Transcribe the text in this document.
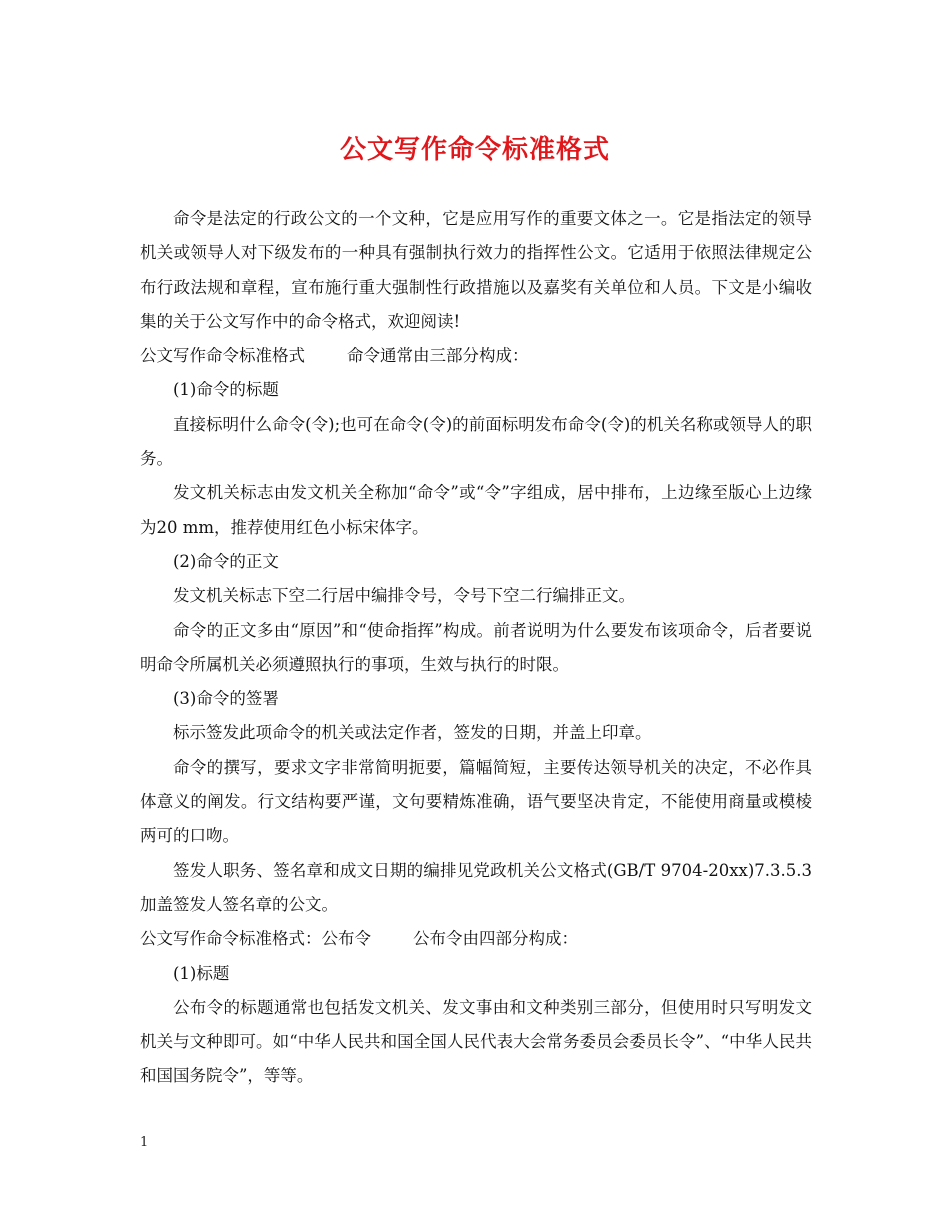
公文写作命令标准格式

命令是法定的行政公文的一个文种，它是应用写作的重要文体之一。它是指法定的领导机关或领导人对下级发布的一种具有强制执行效力的指挥性公文。它适用于依照法律规定公布行政法规和章程，宣布施行重大强制性行政措施以及嘉奖有关单位和人员。下文是小编收集的关于公文写作中的命令格式，欢迎阅读!

公文写作命令标准格式	命令通常由三部分构成：

(1)命令的标题

直接标明什么命令(令);也可在命令(令)的前面标明发布命令(令)的机关名称或领导人的职务。

发文机关标志由发文机关全称加“命令”或“令”字组成，居中排布，上边缘至版心上边缘为20 mm，推荐使用红色小标宋体字。

(2)命令的正文

发文机关标志下空二行居中编排令号，令号下空二行编排正文。

命令的正文多由“原因”和“使命指挥”构成。前者说明为什么要发布该项命令，后者要说明命令所属机关必须遵照执行的事项，生效与执行的时限。

(3)命令的签署

标示签发此项命令的机关或法定作者，签发的日期，并盖上印章。

命令的撰写，要求文字非常简明扼要，篇幅简短，主要传达领导机关的决定，不必作具体意义的阐发。行文结构要严谨，文句要精炼准确，语气要坚决肯定，不能使用商量或模棱两可的口吻。

签发人职务、签名章和成文日期的编排见党政机关公文格式(GB/T 9704-20xx)7.3.5.3加盖签发人签名章的公文。

公文写作命令标准格式：公布令	公布令由四部分构成：

(1)标题

公布令的标题通常也包括发文机关、发文事由和文种类别三部分，但使用时只写明发文机关与文种即可。如“中华人民共和国全国人民代表大会常务委员会委员长令”、“中华人民共和国国务院令”，等等。

1
